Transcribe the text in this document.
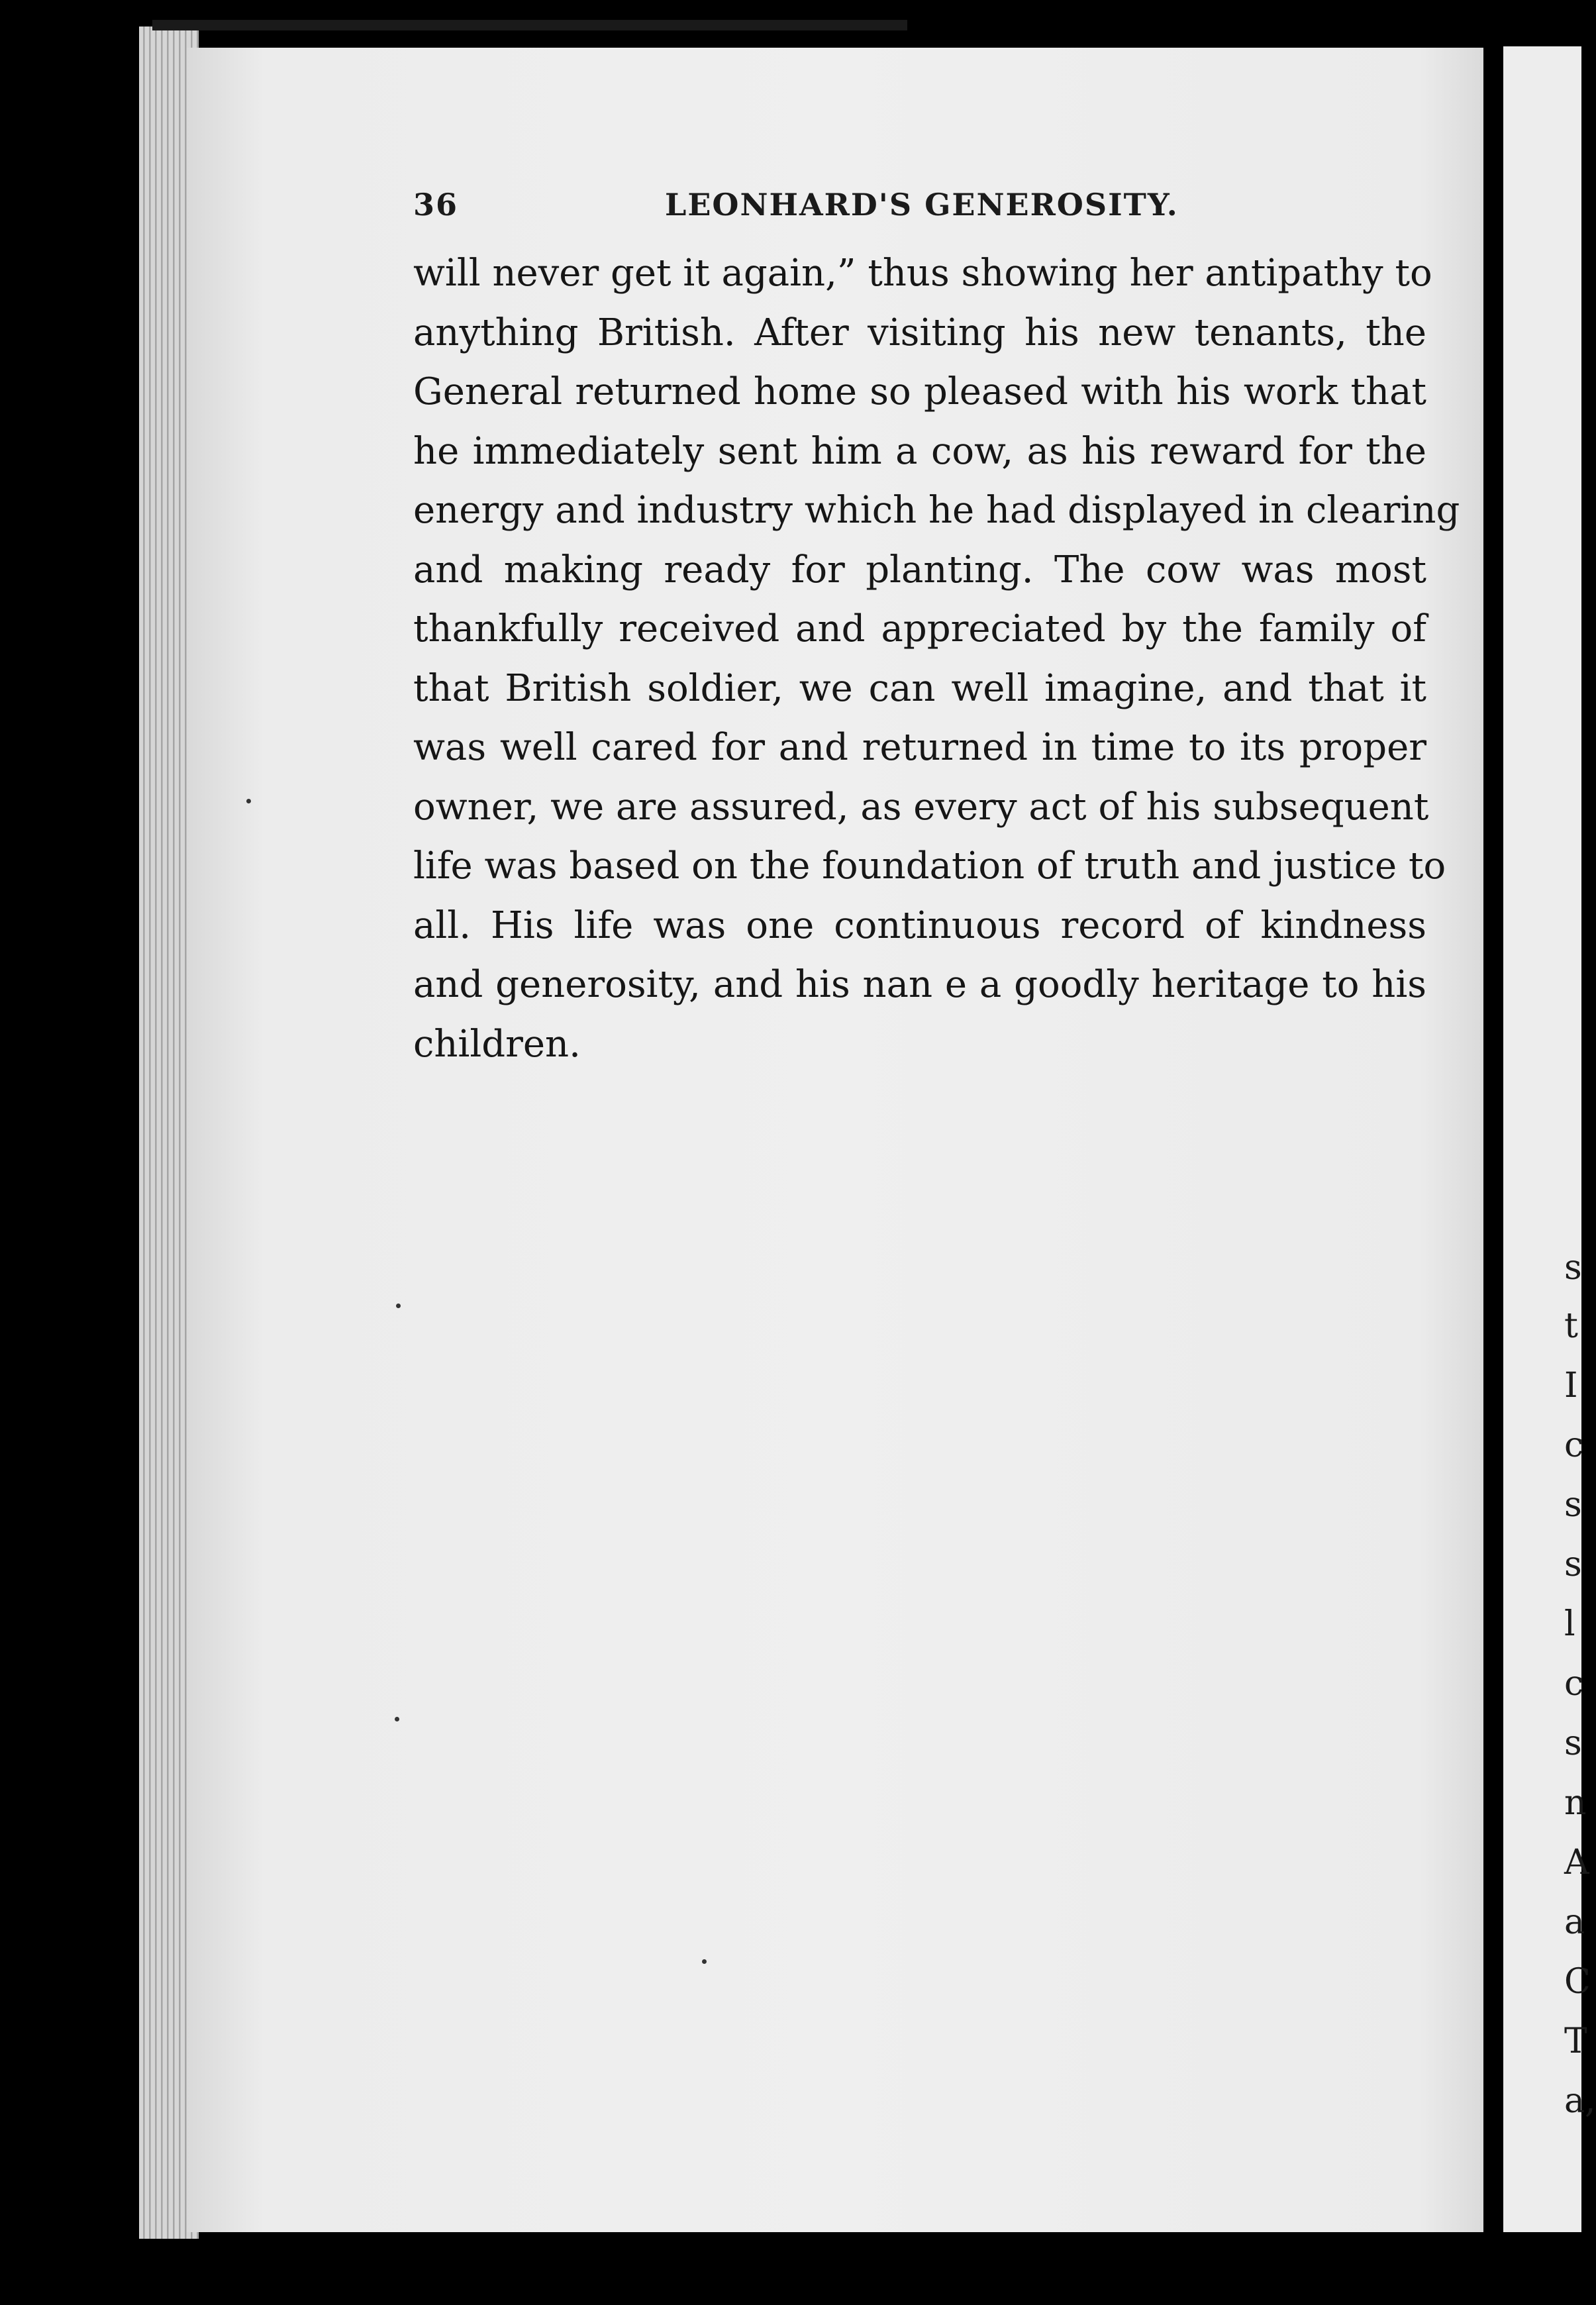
36	LEONHARD'S GENEROSITY.
will never get it again,” thus showing her antipathy to
anything British. After visiting his new tenants, the
General returned home so pleased with his work that
he immediately sent him a cow, as his reward for the
energy and industry which he had displayed in clearing
and making ready for planting. The cow was most
thankfully received and appreciated by the family of
that British soldier, we can well imagine, and that it
was well cared for and returned in time to its proper
owner, we are assured, as every act of his subsequent
life was based on the foundation of truth and justice to
all. His life was one continuous record of kindness
and generosity, and his nan e a goodly heritage to his
children.
s
t
I
c
s
s
l
c
s
n
A
a
C
T
a,
